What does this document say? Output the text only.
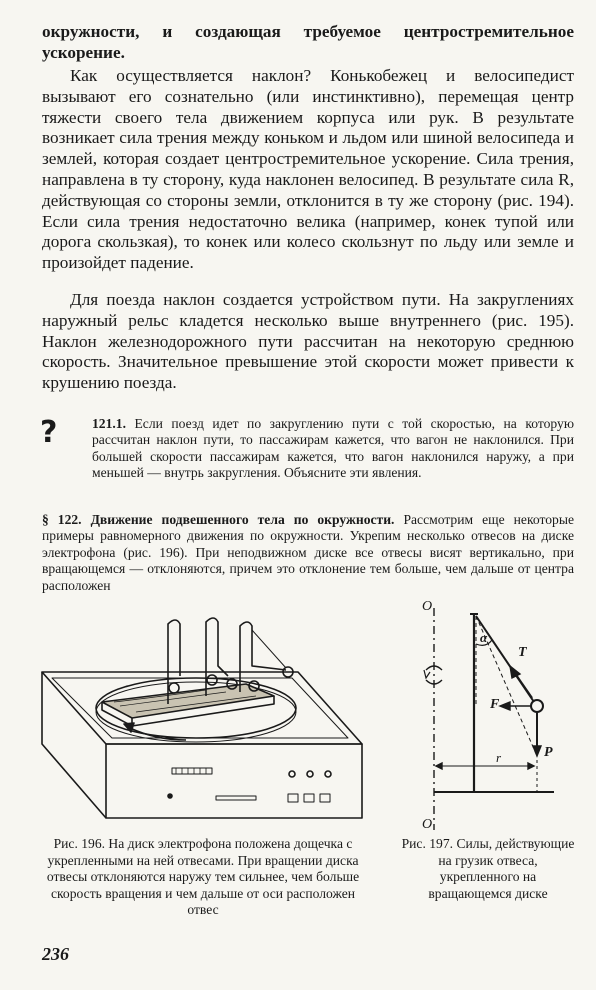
окружности, и создающая требуемое центростремительное ускорение.

Как осуществляется наклон? Конькобежец и велосипедист вызывают его сознательно (или инстинктивно), перемещая центр тяжести своего тела движением корпуса или рук. В результате возникает сила трения между коньком и льдом или шиной велосипеда и землей, которая создает центростремительное ускорение. Сила трения, направлена в ту сторону, куда наклонен велосипед. В результате сила R, действующая со стороны земли, отклонится в ту же сторону (рис. 194). Если сила трения недостаточно велика (например, конек тупой или дорога скользкая), то конек или колесо скользнут по льду или земле и произойдет падение.

Для поезда наклон создается устройством пути. На закруглениях наружный рельс кладется несколько выше внутреннего (рис. 195). Наклон железнодорожного пути рассчитан на некоторую среднюю скорость. Значительное превышение этой скорости может привести к крушению поезда.

?	121.1. Если поезд идет по закруглению пути с той скоростью, на которую рассчитан наклон пути, то пассажирам кажется, что вагон не наклонился. При большей скорости пассажирам кажется, что вагон наклонился наружу, а при меньшей — внутрь закругления. Объясните эти явления.

§ 122. Движение подвешенного тела по окружности. Рассмотрим еще некоторые примеры равномерного движения по окружности. Укрепим несколько отвесов на диске электрофона (рис. 196). При неподвижном диске все отвесы висят вертикально, при вращающемся — отклоняются, причем это отклонение тем больше, чем дальше от центра расположен

O
O
α
T
F
P
r

Рис. 196. На диск электрофона положена дощечка с укрепленными на ней отвесами. При вращении диска отвесы отклоняются наружу тем сильнее, чем больше скорость вращения и чем дальше от оси расположен отвес

Рис. 197. Силы, действующие на грузик отвеса, укрепленного на вращающемся диске

236
